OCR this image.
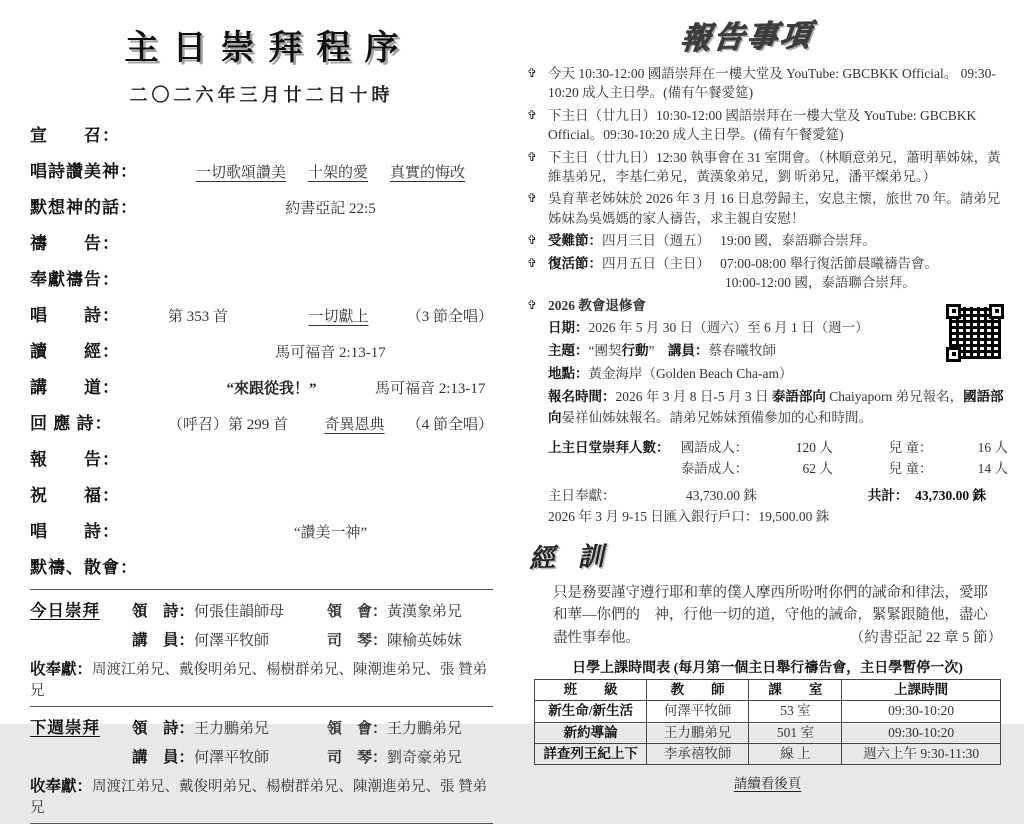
主日崇拜程序
二〇二六年三月廿二日十時
宣　　召：
唱詩讚美神：	一切歌頌讚美 十架的愛 真實的悔改
默想神的話：	約書亞記 22:5
禱　　告：
奉獻禱告：
唱　　詩：	第 353 首	一切獻上	（3 節全唱）
讀　　經：	馬可福音 2:13-17
講　　道：	“來跟從我！”	馬可福音 2:13-17
回 應 詩：	（呼召）第 299 首	奇異恩典	（4 節全唱）
報　　告：
祝　　福：
唱　　詩：	“讚美一神”
默禱、散會：
今日崇拜	領　詩：何張佳韻師母	領　會：黃漢象弟兄
講　員：何澤平牧師	司　琴：陳榆英姊妹
收奉獻：周渡江弟兄、戴俊明弟兄、楊樹群弟兄、陳潮進弟兄、張 贊弟兄
下週崇拜	領　詩：王力鵬弟兄	領　會：王力鵬弟兄
講　員：何澤平牧師	司　琴：劉奇豪弟兄
收奉獻：周渡江弟兄、戴俊明弟兄、楊樹群弟兄、陳潮進弟兄、張 贊弟兄
報告事項
✞ 今天 10:30-12:00 國語崇拜在一樓大堂及 YouTube: GBCBKK Official。 09:30-10:20 成人主日學。(備有午餐愛筵)
✞ 下主日（廿九日）10:30-12:00 國語崇拜在一樓大堂及 YouTube: GBCBKK Official。09:30-10:20 成人主日學。(備有午餐愛筵)
✞ 下主日（廿九日）12:30 執事會在 31 室開會。（林順意弟兄，蕭明華姊妹，黃維基弟兄，李基仁弟兄，黃漢象弟兄，劉 昕弟兄，潘平燦弟兄。）
✞ 吳育華老姊妹於 2026 年 3 月 16 日息勞歸主，安息主懷，旅世 70 年。請弟兄姊妹為吳媽媽的家人禱告，求主親自安慰！
✞ 受難節：四月三日（週五）　 19:00 國，泰語聯合崇拜。
✞ 復活節：四月五日（主日）　 07:00-08:00 舉行復活節晨曦禱告會。
10:00-12:00 國，泰語聯合崇拜。
✞ 2026 教會退修會
日期：2026 年 5 月 30 日（週六）至 6 月 1 日（週一）
主題：“團契行動”　講員：蔡春曦牧師
地點：黃金海岸（Golden Beach Cha-am）
報名時間：2026 年 3 月 8 日-5 月 3 日 泰語部向 Chaiyaporn 弟兄報名，國語部向晏祥仙姊妹報名。請弟兄姊妹預備參加的心和時間。
上主日堂崇拜人數： 國語成人：	120 人	兒 童：	16 人
泰語成人：	62 人	兒 童：	14 人
主日奉獻：	43,730.00 銖	共計：　 43,730.00 銖
2026 年 3 月 9-15 日匯入銀行戶口：19,500.00 銖
經 訓
只是務要謹守遵行耶和華的僕人摩西所吩咐你們的誡命和律法，愛耶和華—你們的　神，行他一切的道，守他的誡命，緊緊跟隨他，盡心盡性事奉他。	（約書亞記 22 章 5 節）
日學上課時間表 (每月第一個主日舉行禱告會，主日學暫停一次)
班　　級	教　　師	課　　室	上課時間
新生命/新生活	何澤平牧師	53 室	09:30-10:20
新約導論	王力鵬弟兄	501 室	09:30-10:20
詳查列王紀上下	李承禧牧師	線 上	週六上午 9:30-11:30
請續看後頁
